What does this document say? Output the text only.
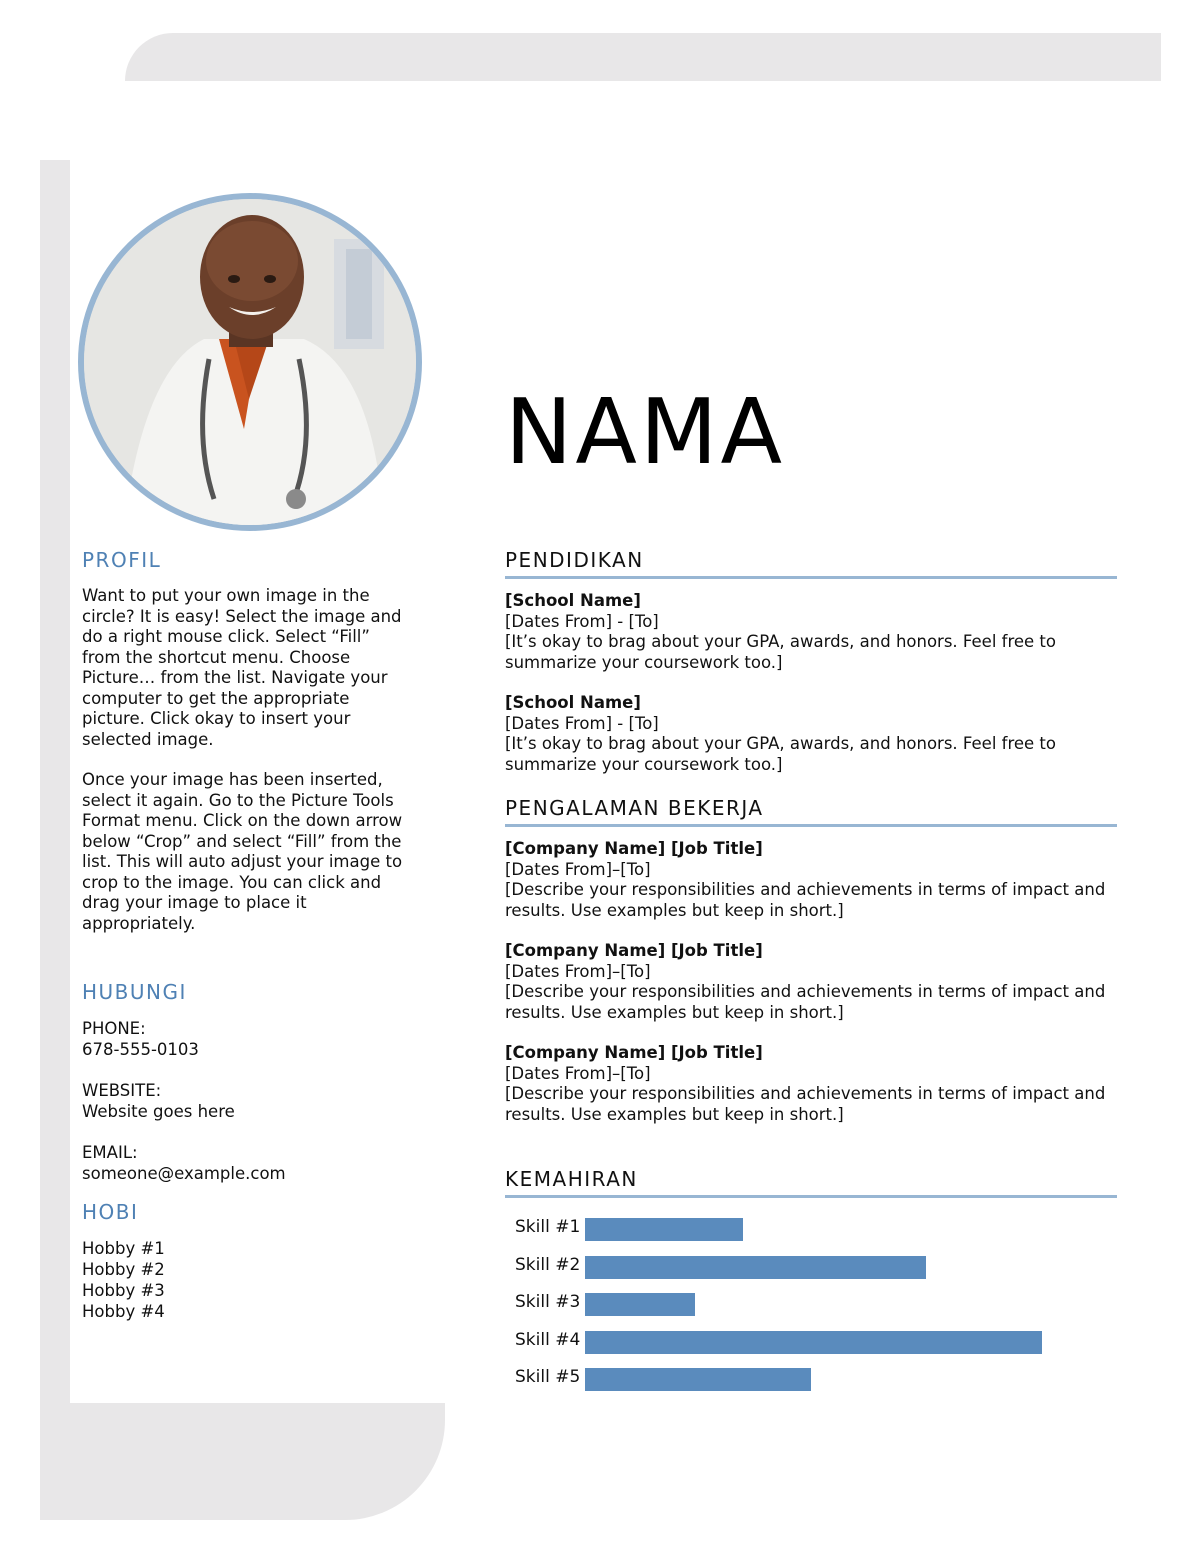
NAMA
PROFIL

Want to put your own image in the circle? It is easy! Select the image and do a right mouse click. Select “Fill” from the shortcut menu. Choose Picture… from the list. Navigate your computer to get the appropriate picture. Click okay to insert your selected image.

Once your image has been inserted, select it again. Go to the Picture Tools Format menu. Click on the down arrow below “Crop” and select “Fill” from the list. This will auto adjust your image to crop to the image. You can click and drag your image to place it appropriately.

HUBUNGI
PHONE:
678-555-0103
WEBSITE:
Website goes here
EMAIL:
someone@example.com
HOBI
Hobby #1
Hobby #2
Hobby #3
Hobby #4
PENDIDIKAN
[School Name]
[Dates From] - [To]
[It’s okay to brag about your GPA, awards, and honors. Feel free to summarize your coursework too.]
[School Name]
[Dates From] - [To]
[It’s okay to brag about your GPA, awards, and honors. Feel free to summarize your coursework too.]
PENGALAMAN BEKERJA
[Company Name] [Job Title]
[Dates From]–[To]
[Describe your responsibilities and achievements in terms of impact and results. Use examples but keep in short.]
[Company Name] [Job Title]
[Dates From]–[To]
[Describe your responsibilities and achievements in terms of impact and results. Use examples but keep in short.]
[Company Name] [Job Title]
[Dates From]–[To]
[Describe your responsibilities and achievements in terms of impact and results. Use examples but keep in short.]
KEMAHIRAN
Skill #1
Skill #2
Skill #3
Skill #4
Skill #5
